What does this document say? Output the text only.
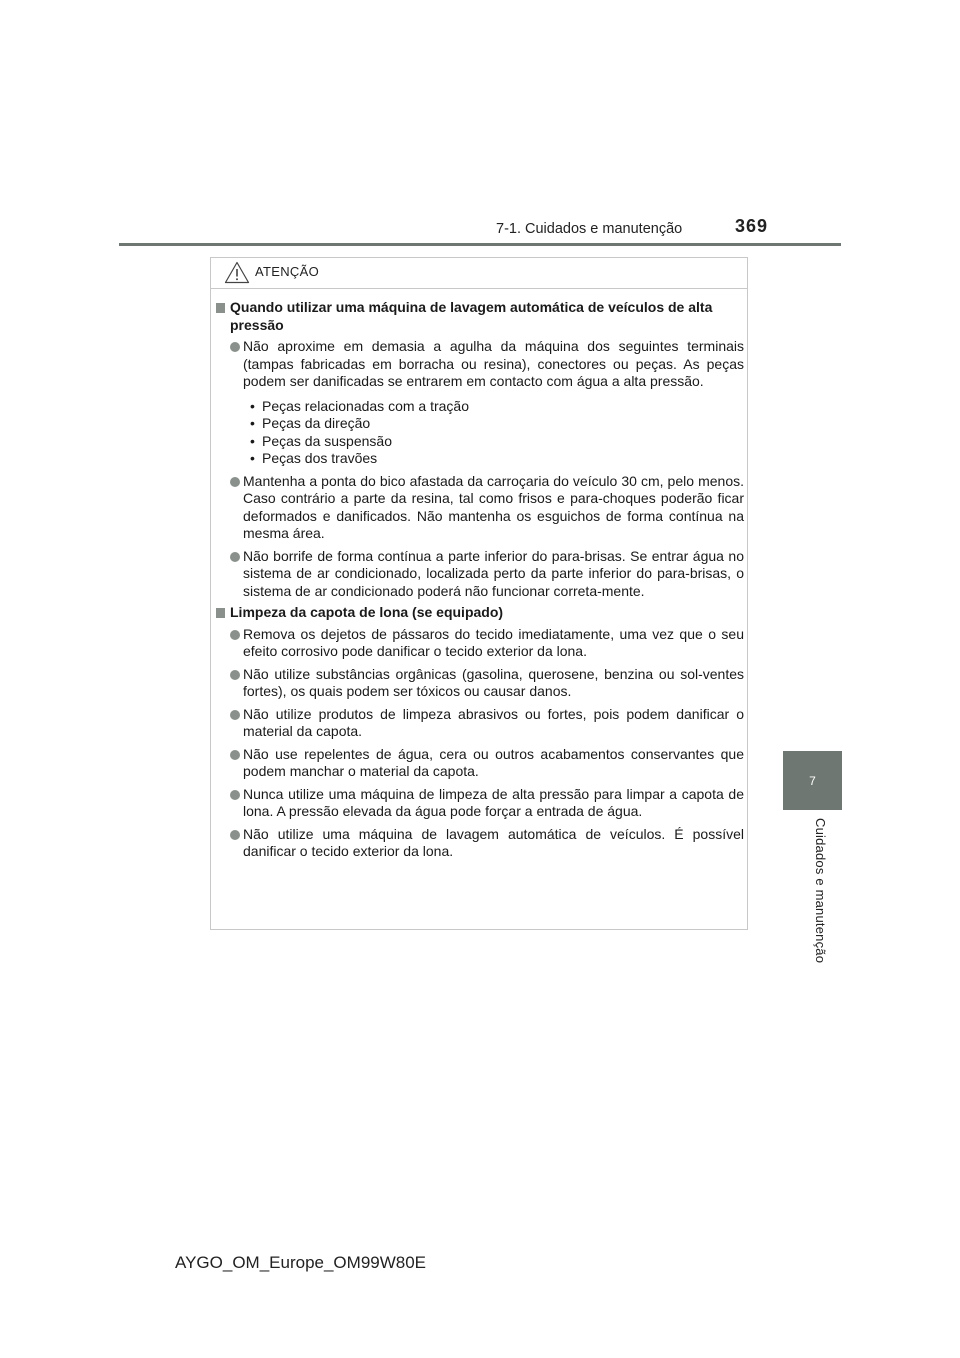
7-1. Cuidados e manutenção	369
7
Cuidados e manutenção
ATENÇÃO
Quando utilizar uma máquina de lavagem automática de veículos de alta pressão
Não aproxime em demasia a agulha da máquina dos seguintes terminais (tampas fabricadas em borracha ou resina), conectores ou peças. As peças podem ser danificadas se entrarem em contacto com água a alta pressão.
• Peças relacionadas com a tração
• Peças da direção
• Peças da suspensão
• Peças dos travões
Mantenha a ponta do bico afastada da carroçaria do veículo 30 cm, pelo menos. Caso contrário a parte da resina, tal como frisos e para-choques poderão ficar deformados e danificados. Não mantenha os esguichos de forma contínua na mesma área.
Não borrife de forma contínua a parte inferior do para-brisas. Se entrar água no sistema de ar condicionado, localizada perto da parte inferior do para-brisas, o sistema de ar condicionado poderá não funcionar correta-mente.
Limpeza da capota de lona (se equipado)
Remova os dejetos de pássaros do tecido imediatamente, uma vez que o seu efeito corrosivo pode danificar o tecido exterior da lona.
Não utilize substâncias orgânicas (gasolina, querosene, benzina ou sol-ventes fortes), os quais podem ser tóxicos ou causar danos.
Não utilize produtos de limpeza abrasivos ou fortes, pois podem danificar o material da capota.
Não use repelentes de água, cera ou outros acabamentos conservantes que podem manchar o material da capota.
Nunca utilize uma máquina de limpeza de alta pressão para limpar a capota de lona. A pressão elevada da água pode forçar a entrada de água.
Não utilize uma máquina de lavagem automática de veículos. É possível danificar o tecido exterior da lona.
AYGO_OM_Europe_OM99W80E
